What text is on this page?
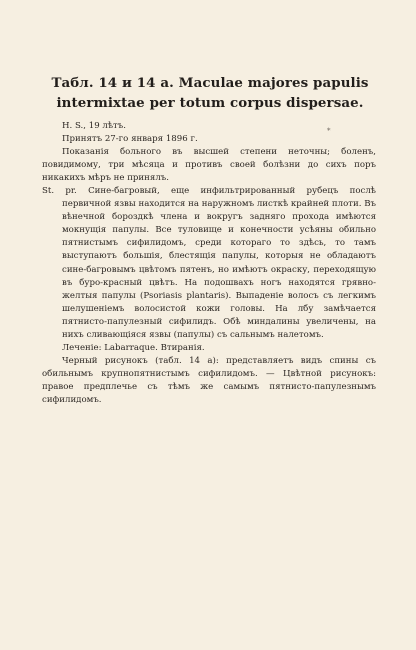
Табл. 14 и 14 а. Maculae majores papulis intermixtae per totum corpus dispersae.
*

H. S., 19 лѣтъ.

Принятъ 27-го января 1896 г.

Показанія больного въ высшей степени неточны; боленъ, повидимому, три мѣсяца и противъ своей болѣзни до сихъ поръ никакихъ мѣръ не принялъ.

St. pr. Сине-багровый, еще инфильтрированный рубецъ послѣ первичной язвы находится на наружномъ листкѣ крайней плоти. Въ вѣнечной бороздкѣ члена и вокругъ задняго прохода имѣются мокнущія папулы. Все туловище и конечности усѣяны обильно пятнистымъ сифилидомъ, среди котораго то здѣсь, то тамъ выступаютъ большія, блестящія папулы, которыя не обладаютъ сине-багровымъ цвѣтомъ пятенъ, но имѣютъ окраску, переходящую въ буро-красный цвѣтъ. На подошвахъ ногъ находятся грявно-желтыя папулы (Psoriasis plantaris). Выпаденіе волосъ съ легкимъ шелушеніемъ волосистой кожи головы. На лбу замѣчается пятнисто-папулезный сифилидъ. Обѣ миндалины увеличены, на нихъ сливающіяся язвы (папулы) съ сальнымъ налетомъ.

Леченіе: Labarraque. Втиранія.

Черный рисунокъ (табл. 14 а): представляетъ видъ спины съ обильнымъ крупнопятнистымъ сифилидомъ. — Цвѣтной рисунокъ: правое предплечье съ тѣмъ же самымъ пятнисто-папулезнымъ сифилидомъ.
